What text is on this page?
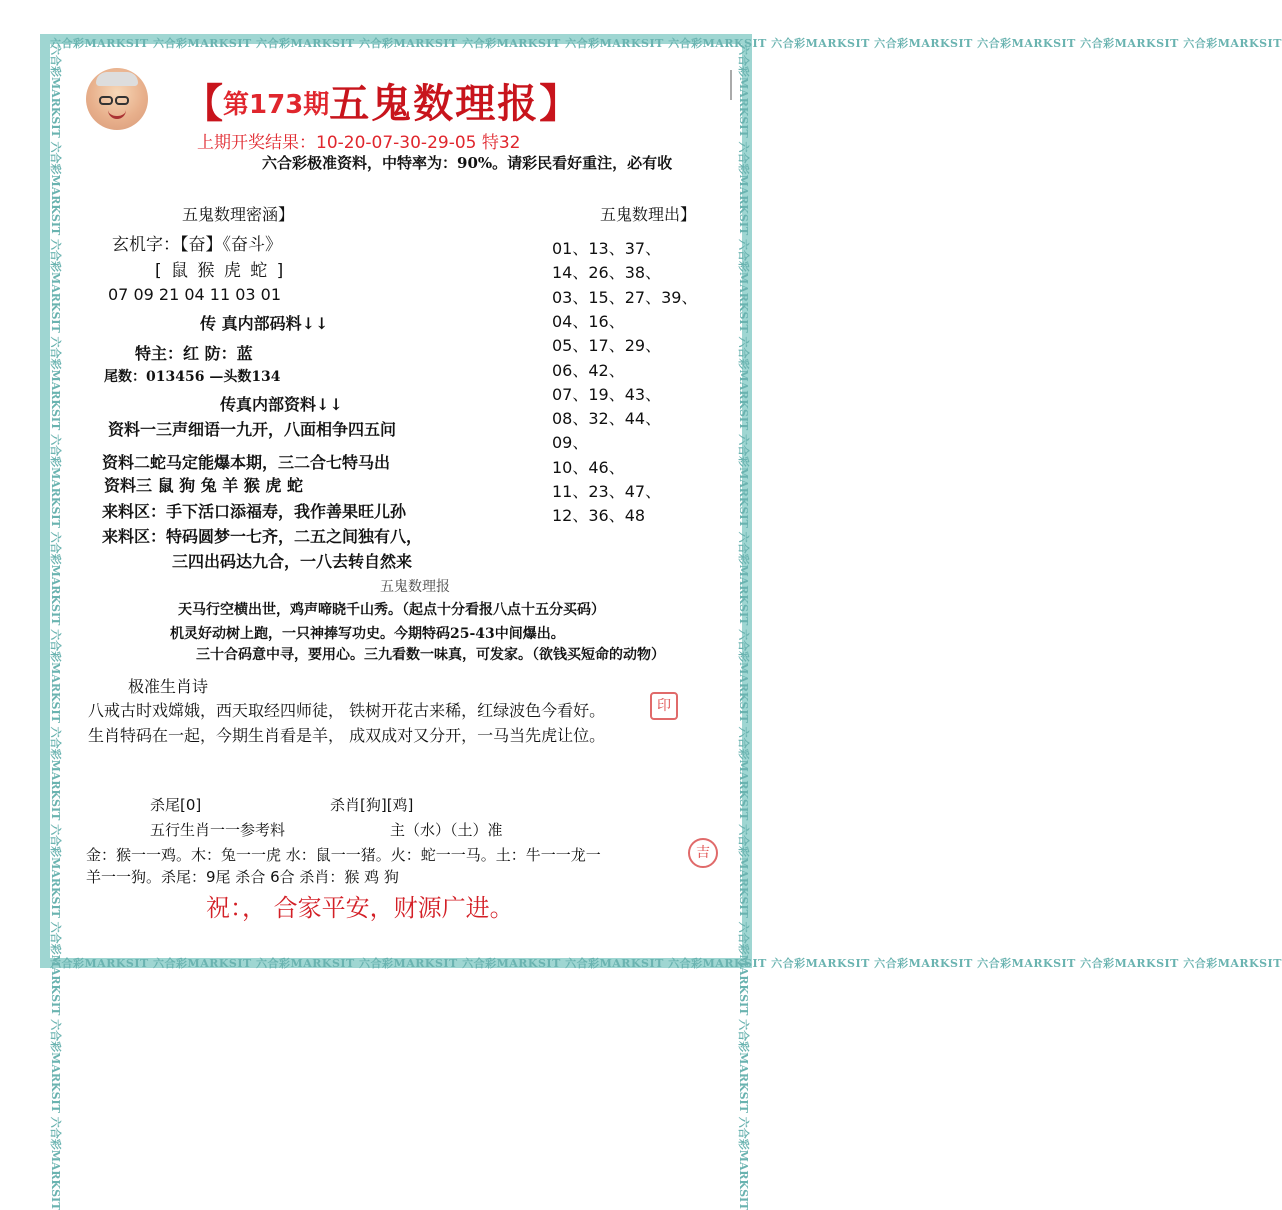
六合彩MARKSIT 六合彩MARKSIT 六合彩MARKSIT 六合彩MARKSIT 六合彩MARKSIT 六合彩MARKSIT 六合彩MARKSIT 六合彩MARKSIT 六合彩MARKSIT 六合彩MARKSIT 六合彩MARKSIT 六合彩MARKSIT
六合彩MARKSIT 六合彩MARKSIT 六合彩MARKSIT 六合彩MARKSIT 六合彩MARKSIT 六合彩MARKSIT 六合彩MARKSIT 六合彩MARKSIT 六合彩MARKSIT 六合彩MARKSIT 六合彩MARKSIT 六合彩MARKSIT
六合彩MARKSIT 六合彩MARKSIT 六合彩MARKSIT 六合彩MARKSIT 六合彩MARKSIT 六合彩MARKSIT 六合彩MARKSIT 六合彩MARKSIT 六合彩MARKSIT 六合彩MARKSIT 六合彩MARKSIT 六合彩MARKSIT	六合彩MARKSIT 六合彩MARKSIT 六合彩MARKSIT 六合彩MARKSIT 六合彩MARKSIT 六合彩MARKSIT 六合彩MARKSIT 六合彩MARKSIT 六合彩MARKSIT 六合彩MARKSIT 六合彩MARKSIT 六合彩MARKSIT
【第173期五鬼数理报】
上期开奖结果：10-20-07-30-29-05 特32
六合彩极准资料，中特率为：90%。请彩民看好重注，必有收
五鬼数理密涵】
玄机字：【奋】《奋斗》
[ 鼠 猴 虎 蛇 ]
07 09 21 04 11 03 01
传 真内部码料↓↓
特主：红 防：蓝
尾数：013456 —头数134
传真内部资料↓↓
资料一三声细语一九开，八面相争四五问
资料二蛇马定能爆本期，三二合七特马出
资料三 鼠 狗 兔 羊 猴 虎 蛇
来料区：手下活口添福寿，我作善果旺儿孙
来料区：特码圆梦一七齐，二五之间独有八，
三四出码达九合，一八去转自然来
五鬼数理报
五鬼数理出】
01、13、37、
14、26、38、
03、15、27、39、
04、16、
05、17、29、
06、42、
07、19、43、
08、32、44、
09、
10、46、
11、23、47、
12、36、48
天马行空横出世，鸡声啼晓千山秀。（起点十分看报八点十五分买码）
机灵好动树上跑，一只神捧写功史。今期特码25-43中间爆出。
三十合码意中寻，要用心。三九看数一味真，可发家。（欲钱买短命的动物）
极准生肖诗
八戒古时戏嫦娥，西天取经四师徒， 铁树开花古来稀，红绿波色今看好。
生肖特码在一起，今期生肖看是羊， 成双成对又分开，一马当先虎让位。
印
杀尾[0]	杀肖[狗][鸡]
五行生肖一一参考料	主（水）（土）准
金：猴一一鸡。木：兔一一虎 水：鼠一一猪。火：蛇一一马。土：牛一一龙一
羊一一狗。杀尾：9尾 杀合 6合 杀肖：猴 鸡 狗
吉
祝：， 合家平安，财源广进。
